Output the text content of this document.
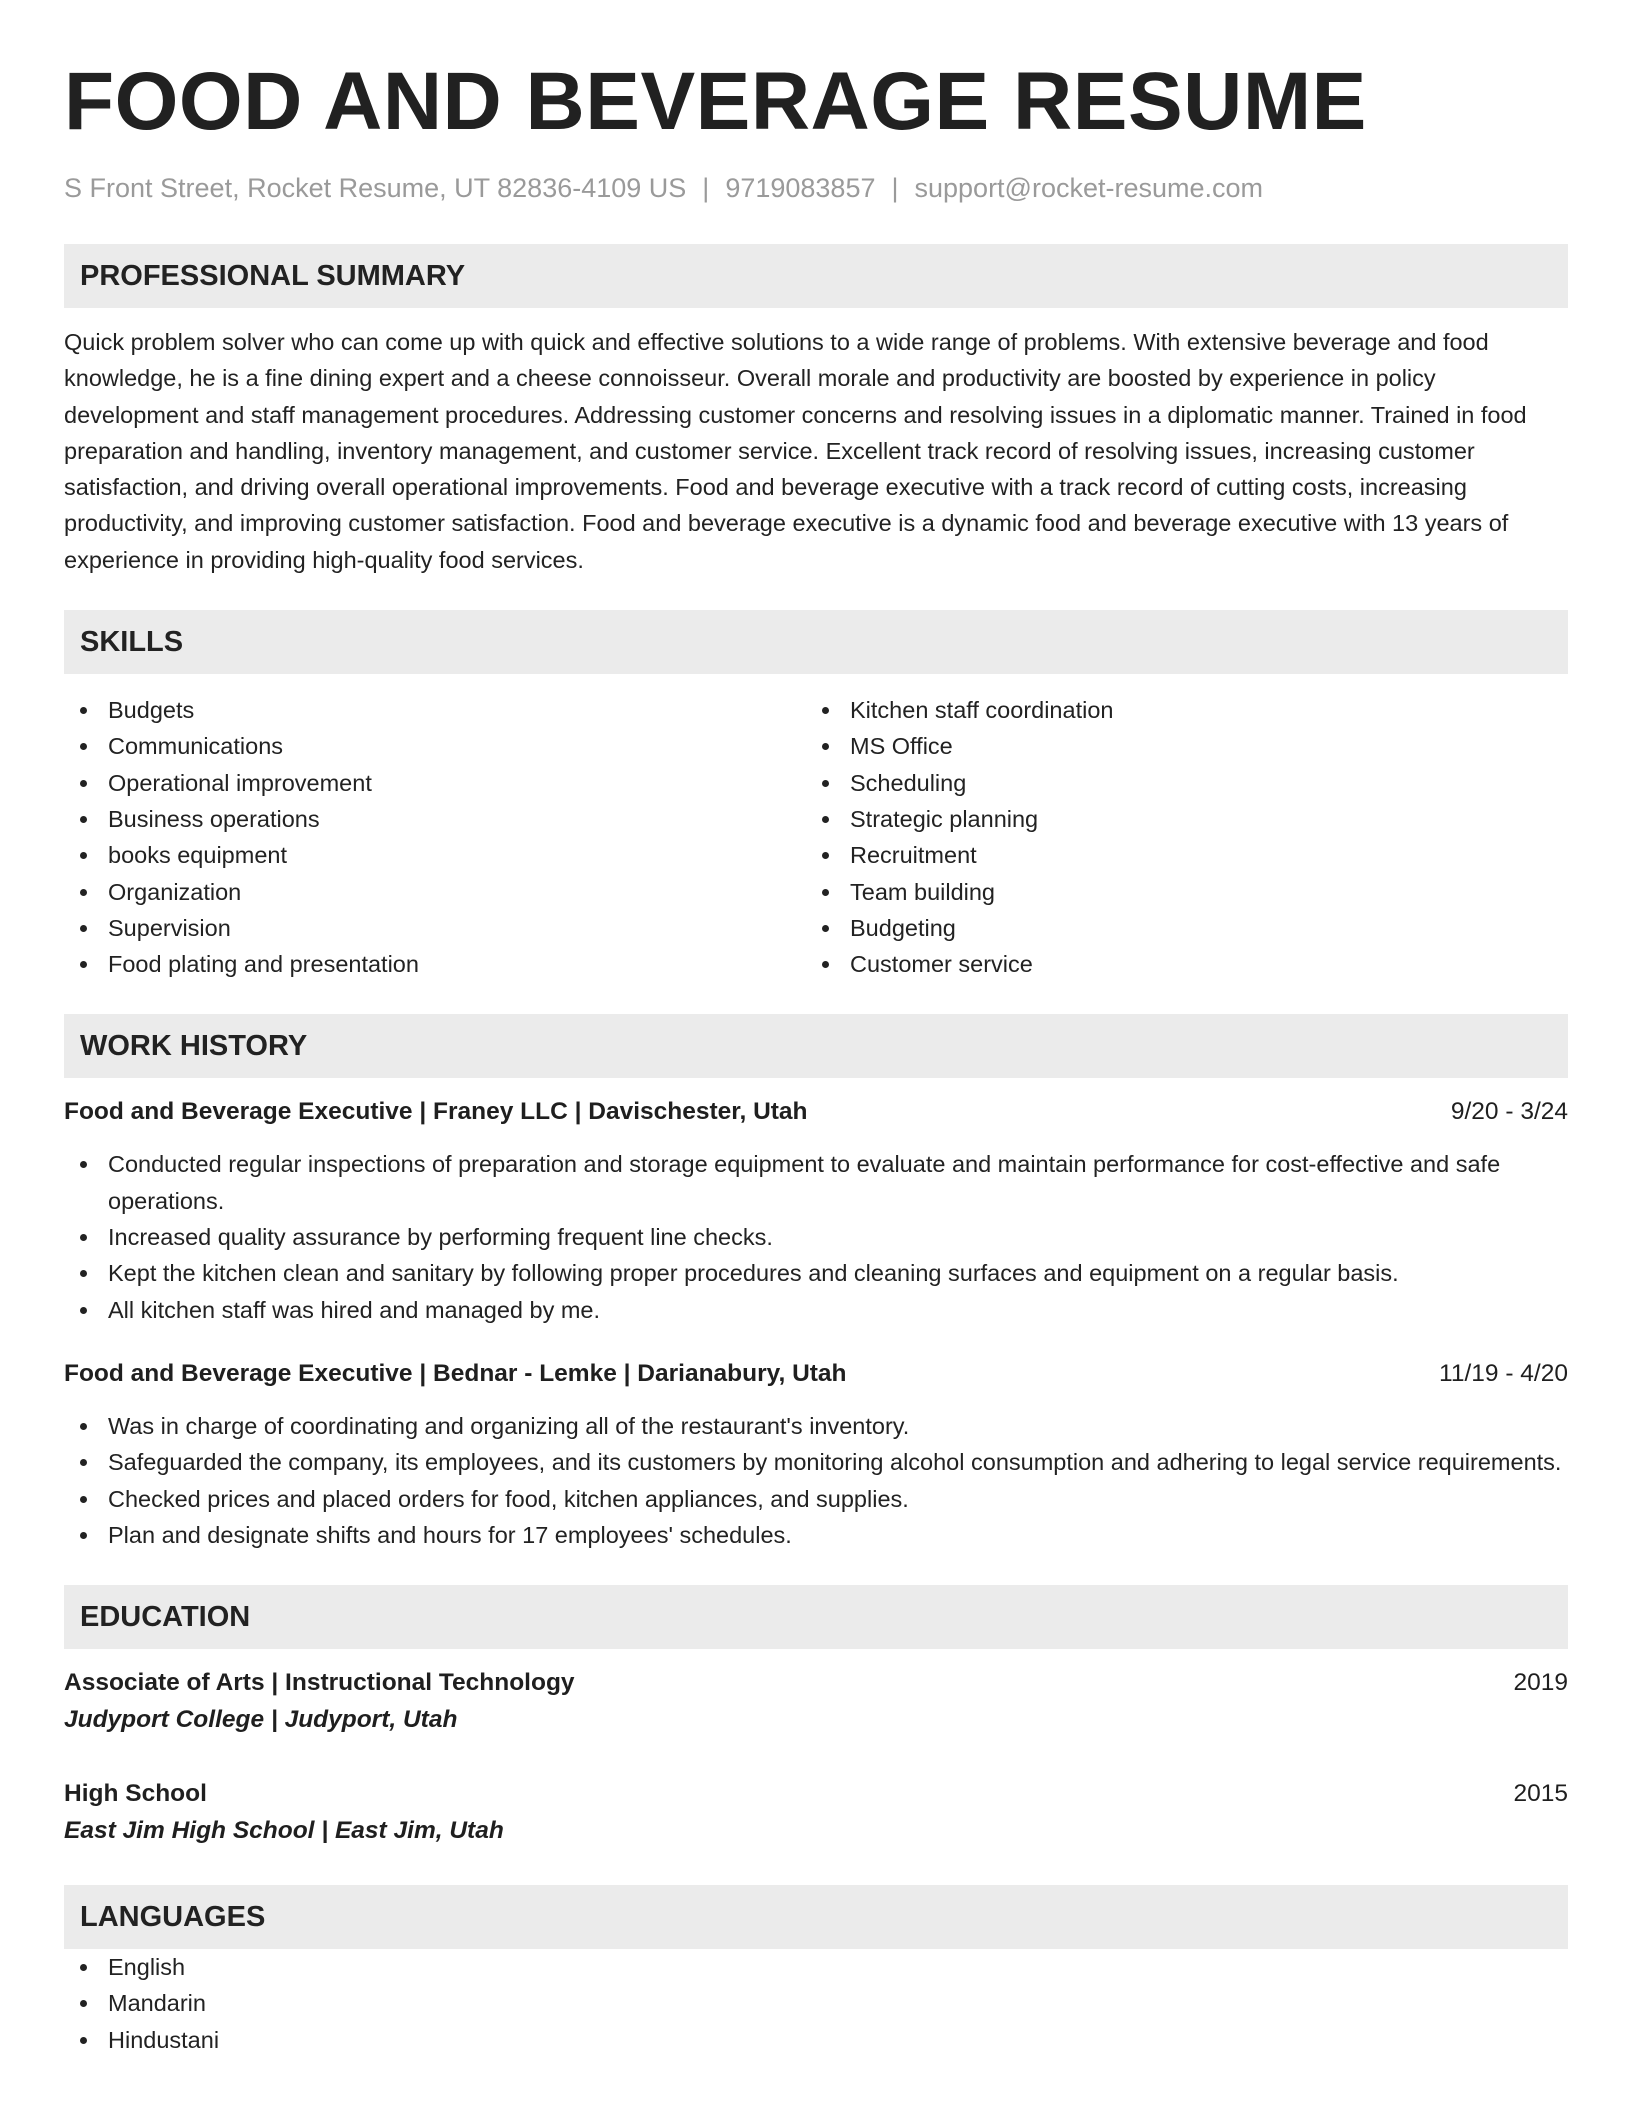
FOOD AND BEVERAGE RESUME
S Front Street, Rocket Resume, UT 82836-4109 US | 9719083857 | support@rocket-resume.com
PROFESSIONAL SUMMARY

Quick problem solver who can come up with quick and effective solutions to a wide range of problems. With extensive beverage and food knowledge, he is a fine dining expert and a cheese connoisseur. Overall morale and productivity are boosted by experience in policy development and staff management procedures. Addressing customer concerns and resolving issues in a diplomatic manner. Trained in food preparation and handling, inventory management, and customer service. Excellent track record of resolving issues, increasing customer satisfaction, and driving overall operational improvements. Food and beverage executive with a track record of cutting costs, increasing productivity, and improving customer satisfaction. Food and beverage executive is a dynamic food and beverage executive with 13 years of experience in providing high-quality food services.

SKILLS
Budgets
Communications
Operational improvement
Business operations
books equipment
Organization
Supervision
Food plating and presentation
Kitchen staff coordination
MS Office
Scheduling
Strategic planning
Recruitment
Team building
Budgeting
Customer service
WORK HISTORY
Food and Beverage Executive | Franey LLC | Davischester, Utah	9/20 - 3/24
Conducted regular inspections of preparation and storage equipment to evaluate and maintain performance for cost-effective and safe operations.
Increased quality assurance by performing frequent line checks.
Kept the kitchen clean and sanitary by following proper procedures and cleaning surfaces and equipment on a regular basis.
All kitchen staff was hired and managed by me.
Food and Beverage Executive | Bednar - Lemke | Darianabury, Utah	11/19 - 4/20
Was in charge of coordinating and organizing all of the restaurant's inventory.
Safeguarded the company, its employees, and its customers by monitoring alcohol consumption and adhering to legal service requirements.
Checked prices and placed orders for food, kitchen appliances, and supplies.
Plan and designate shifts and hours for 17 employees' schedules.
EDUCATION
Associate of Arts | Instructional Technology	2019
Judyport College | Judyport, Utah
High School	2015
East Jim High School | East Jim, Utah
LANGUAGES
English
Mandarin
Hindustani
